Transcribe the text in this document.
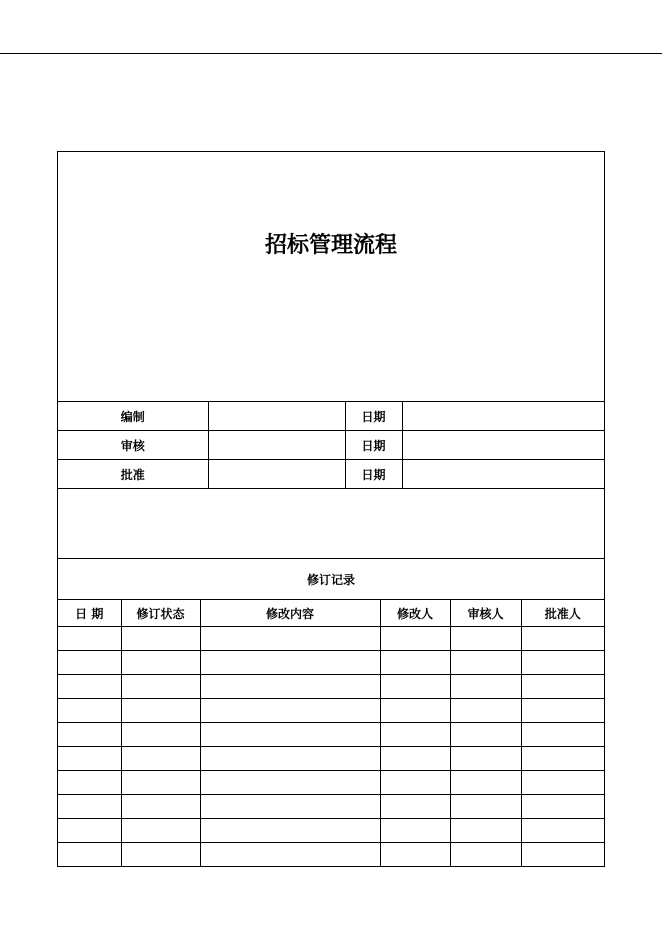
招标管理流程
编制		日期	
审核		日期	
批准		日期	
修订记录
日 期	修订状态	修改内容	修改人	审核人	批准人
